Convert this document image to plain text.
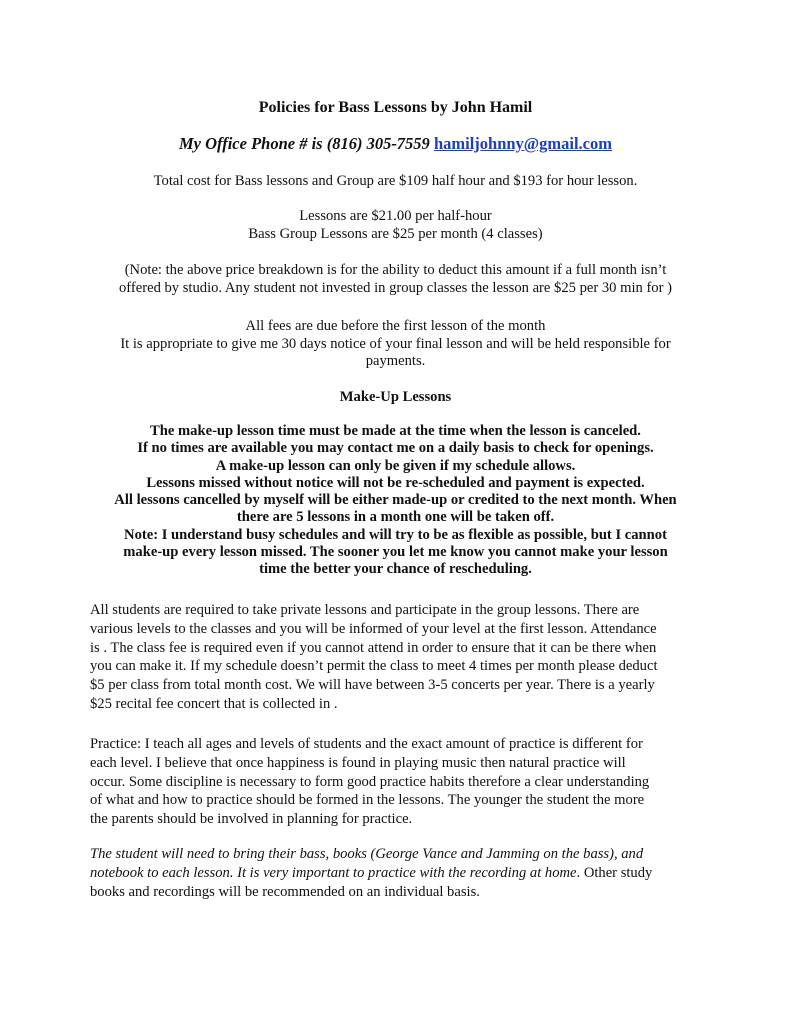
Policies for Bass Lessons by John Hamil
My Office Phone # is (816) 305-7559 hamiljohnny@gmail.com
Total cost for Bass lessons and Group are $109 half hour and $193 for hour lesson.
Lessons are $21.00 per half-hour
Bass Group Lessons are $25 per month (4 classes)
(Note: the above price breakdown is for the ability to deduct this amount if a full month isn’t
offered by studio. Any student not invested in group classes the lesson are $25 per 30 min for )
All fees are due before the first lesson of the month
It is appropriate to give me 30 days notice of your final lesson and will be held responsible for
payments.
Make-Up Lessons
The make-up lesson time must be made at the time when the lesson is canceled.
If no times are available you may contact me on a daily basis to check for openings.
A make-up lesson can only be given if my schedule allows.
Lessons missed without notice will not be re-scheduled and payment is expected.
All lessons cancelled by myself will be either made-up or credited to the next month. When
there are 5 lessons in a month one will be taken off.
Note: I understand busy schedules and will try to be as flexible as possible, but I cannot
make-up every lesson missed. The sooner you let me know you cannot make your lesson
time the better your chance of rescheduling.
All students are required to take private lessons and participate in the group lessons. There are
various levels to the classes and you will be informed of your level at the first lesson. Attendance
is . The class fee is required even if you cannot attend in order to ensure that it can be there when
you can make it. If my schedule doesn’t permit the class to meet 4 times per month please deduct
$5 per class from total month cost. We will have between 3-5 concerts per year. There is a yearly
$25 recital fee concert that is collected in .
Practice: I teach all ages and levels of students and the exact amount of practice is different for
each level. I believe that once happiness is found in playing music then natural practice will
occur. Some discipline is necessary to form good practice habits therefore a clear understanding
of what and how to practice should be formed in the lessons. The younger the student the more
the parents should be involved in planning for practice.
The student will need to bring their bass, books (George Vance and Jamming on the bass), and
notebook to each lesson. It is very important to practice with the recording at home. Other study
books and recordings will be recommended on an individual basis.
